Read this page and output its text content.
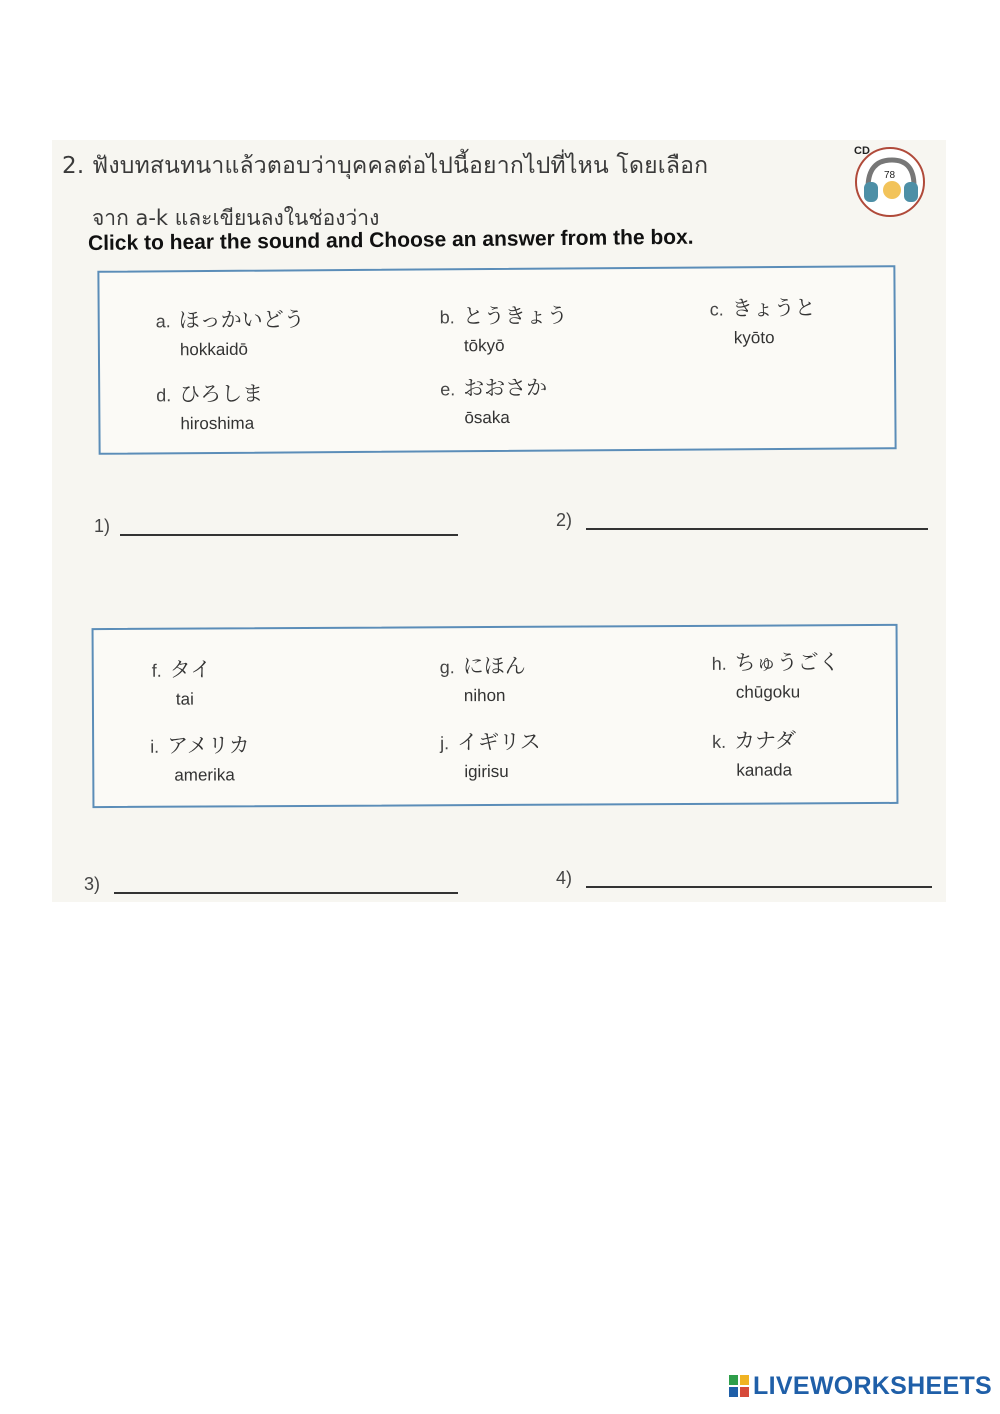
2. ฟังบทสนทนาแล้วตอบว่าบุคคลต่อไปนี้อยากไปที่ไหน โดยเลือก
จาก a-k และเขียนลงในช่องว่าง
CD
78
Click to hear the sound and Choose an answer from the box.
a. ほっかいどう
hokkaidō
b. とうきょう
tōkyō
c. きょうと
kyōto
d. ひろしま
hiroshima
e. おおさか
ōsaka
1)	2)
f. タイ
tai
g. にほん
nihon
h. ちゅうごく
chūgoku
i. アメリカ
amerika
j. イギリス
igirisu
k. カナダ
kanada
3)	4)
LIVEWORKSHEETS
